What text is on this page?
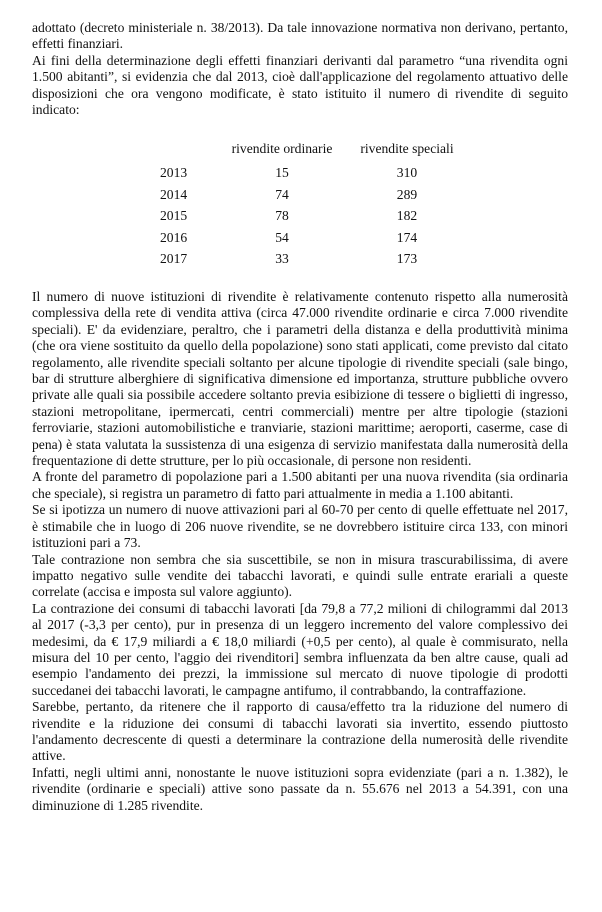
adottato (decreto ministeriale n. 38/2013). Da tale innovazione normativa non derivano, pertanto, effetti finanziari.

Ai fini della determinazione degli effetti finanziari derivanti dal parametro “una rivendita ogni 1.500 abitanti”, si evidenzia che dal 2013, cioè dall'applicazione del regolamento attuativo delle disposizioni che ora vengono modificate, è stato istituito il numero di rivendite di seguito indicato:

	rivendite ordinarie	rivendite speciali
2013	15	310
2014	74	289
2015	78	182
2016	54	174
2017	33	173

Il numero di nuove istituzioni di rivendite è relativamente contenuto rispetto alla numerosità complessiva della rete di vendita attiva (circa 47.000 rivendite ordinarie e circa 7.000 rivendite speciali). E' da evidenziare, peraltro, che i parametri della distanza e della produttività minima (che ora viene sostituito da quello della popolazione) sono stati applicati, come previsto dal citato regolamento, alle rivendite speciali soltanto per alcune tipologie di rivendite speciali (sale bingo, bar di strutture alberghiere di significativa dimensione ed importanza, strutture pubbliche ovvero private alle quali sia possibile accedere soltanto previa esibizione di tessere o biglietti di ingresso, stazioni metropolitane, ipermercati, centri commerciali) mentre per altre tipologie (stazioni ferroviarie, stazioni automobilistiche e tranviarie, stazioni marittime; aeroporti, caserme, case di pena) è stata valutata la sussistenza di una esigenza di servizio manifestata dalla numerosità della frequentazione di dette strutture, per lo più occasionale, di persone non residenti.

A fronte del parametro di popolazione pari a 1.500 abitanti per una nuova rivendita (sia ordinaria che speciale), si registra un parametro di fatto pari attualmente in media a 1.100 abitanti.

Se si ipotizza un numero di nuove attivazioni pari al 60-70 per cento di quelle effettuate nel 2017, è stimabile che in luogo di 206 nuove rivendite, se ne dovrebbero istituire circa 133, con minori istituzioni pari a 73.

Tale contrazione non sembra che sia suscettibile, se non in misura trascurabilissima, di avere impatto negativo sulle vendite dei tabacchi lavorati, e quindi sulle entrate erariali a queste correlate (accisa e imposta sul valore aggiunto).

La contrazione dei consumi di tabacchi lavorati [da 79,8 a 77,2 milioni di chilogrammi dal 2013 al 2017 (-3,3 per cento), pur in presenza di un leggero incremento del valore complessivo dei medesimi, da € 17,9 miliardi a € 18,0 miliardi (+0,5 per cento), al quale è commisurato, nella misura del 10 per cento, l'aggio dei rivenditori] sembra influenzata da ben altre cause, quali ad esempio l'andamento dei prezzi, la immissione sul mercato di nuove tipologie di prodotti succedanei dei tabacchi lavorati, le campagne antifumo, il contrabbando, la contraffazione.

Sarebbe, pertanto, da ritenere che il rapporto di causa/effetto tra la riduzione del numero di rivendite e la riduzione dei consumi di tabacchi lavorati sia invertito, essendo piuttosto l'andamento decrescente di questi a determinare la contrazione della numerosità delle rivendite attive.

Infatti, negli ultimi anni, nonostante le nuove istituzioni sopra evidenziate (pari a n. 1.382), le rivendite (ordinarie e speciali) attive sono passate da n. 55.676 nel 2013 a 54.391, con una diminuzione di 1.285 rivendite.
